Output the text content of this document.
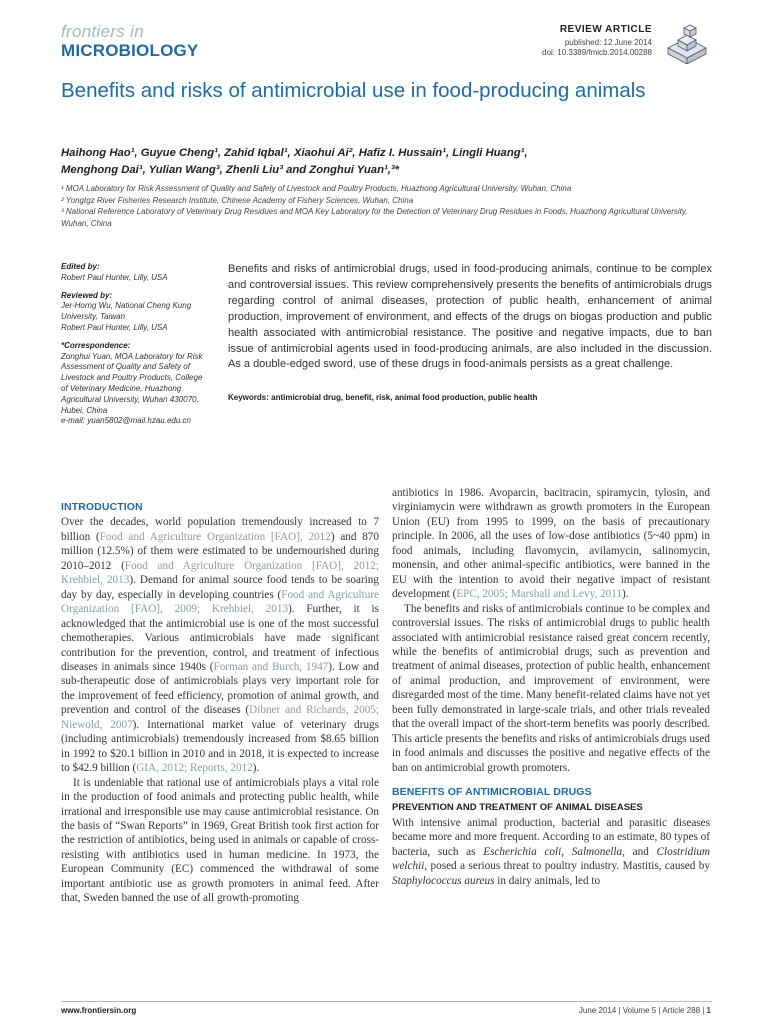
frontiers in
MICROBIOLOGY
REVIEW ARTICLE
published: 12 June 2014
doi: 10.3389/fmicb.2014.00288
Benefits and risks of antimicrobial use in food-producing animals
Haihong Hao¹, Guyue Cheng¹, Zahid Iqbal¹, Xiaohui Ai², Hafiz I. Hussain¹, Lingli Huang¹,
Menghong Dai¹, Yulian Wang³, Zhenli Liu³ and Zonghui Yuan¹,³*

¹ MOA Laboratory for Risk Assessment of Quality and Safety of Livestock and Poultry Products, Huazhong Agricultural University, Wuhan, China

² Yongtgz River Fisheries Research Institute, Chinese Academy of Fishery Sciences, Wuhan, China

³ National Reference Laboratory of Veterinary Drug Residues and MOA Key Laboratory for the Detection of Veterinary Drug Residues in Foods, Huazhong Agricultural University, Wuhan, China

Edited by:
Robert Paul Hunter, Lilly, USA
Reviewed by:
Jer-Horng Wu, National Cheng Kung University, Taiwan
Robert Paul Hunter, Lilly, USA
*Correspondence:
Zonghui Yuan, MOA Laboratory for Risk Assessment of Quality and Safety of Livestock and Poultry Products, College of Veterinary Medicine, Huazhong Agricultural University, Wuhan 430070, Hubei, China
e-mail: yuan5802@mail.hzau.edu.cn
Benefits and risks of antimicrobial drugs, used in food-producing animals, continue to be complex and controversial issues. This review comprehensively presents the benefits of antimicrobials drugs regarding control of animal diseases, protection of public health, enhancement of animal production, improvement of environment, and effects of the drugs on biogas production and public health associated with antimicrobial resistance. The positive and negative impacts, due to ban issue of antimicrobial agents used in food-producing animals, are also included in the discussion. As a double-edged sword, use of these drugs in food-animals persists as a great challenge.
Keywords: antimicrobial drug, benefit, risk, animal food production, public health
INTRODUCTION

Over the decades, world population tremendously increased to 7 billion (Food and Agriculture Organization [FAO], 2012) and 870 million (12.5%) of them were estimated to be undernourished during 2010–2012 (Food and Agriculture Organization [FAO], 2012; Krehbiel, 2013). Demand for animal source food tends to be soaring day by day, especially in developing countries (Food and Agriculture Organization [FAO], 2009; Krehbiel, 2013). Further, it is acknowledged that the antimicrobial use is one of the most successful chemotherapies. Various antimicrobials have made significant contribution for the prevention, control, and treatment of infectious diseases in animals since 1940s (Forman and Burch, 1947). Low and sub-therapeutic dose of antimicrobials plays very important role for the improvement of feed efficiency, promotion of animal growth, and prevention and control of the diseases (Dibner and Richards, 2005; Niewold, 2007). International market value of veterinary drugs (including antimicrobials) tremendously increased from $8.65 billion in 1992 to $20.1 billion in 2010 and in 2018, it is expected to increase to $42.9 billion (GIA, 2012; Reports, 2012).

It is undeniable that rational use of antimicrobials plays a vital role in the production of food animals and protecting public health, while irrational and irresponsible use may cause antimicrobial resistance. On the basis of “Swan Reports” in 1969, Great British took first action for the restriction of antibiotics, being used in animals or capable of cross-resisting with antibiotics used in human medicine. In 1973, the European Community (EC) commenced the withdrawal of some important antibiotic use as growth promoters in animal feed. After that, Sweden banned the use of all growth-promoting

antibiotics in 1986. Avoparcin, bacitracin, spiramycin, tylosin, and virginiamycin were withdrawn as growth promoters in the European Union (EU) from 1995 to 1999, on the basis of precautionary principle. In 2006, all the uses of low-dose antibiotics (5~40 ppm) in food animals, including flavomycin, avilamycin, salinomycin, monensin, and other animal-specific antibiotics, were banned in the EU with the intention to avoid their negative impact of resistant development (EPC, 2005; Marshall and Levy, 2011).

The benefits and risks of antimicrobials continue to be complex and controversial issues. The risks of antimicrobial drugs to public health associated with antimicrobial resistance raised great concern recently, while the benefits of antimicrobial drugs, such as prevention and treatment of animal diseases, protection of public health, enhancement of animal production, and improvement of environment, were disregarded most of the time. Many benefit-related claims have not yet been fully demonstrated in large-scale trials, and other trials revealed that the overall impact of the short-term benefits was poorly described. This article presents the benefits and risks of antimicrobials drugs used in food animals and discusses the positive and negative effects of the ban on antimicrobial growth promoters.

BENEFITS OF ANTIMICROBIAL DRUGS
PREVENTION AND TREATMENT OF ANIMAL DISEASES

With intensive animal production, bacterial and parasitic diseases became more and more frequent. According to an estimate, 80 types of bacteria, such as Escherichia coli, Salmonella, and Clostridium welchii, posed a serious threat to poultry industry. Mastitis, caused by Staphylococcus aureus in dairy animals, led to

www.frontiersin.org	June 2014 | Volume 5 | Article 288 | 1
